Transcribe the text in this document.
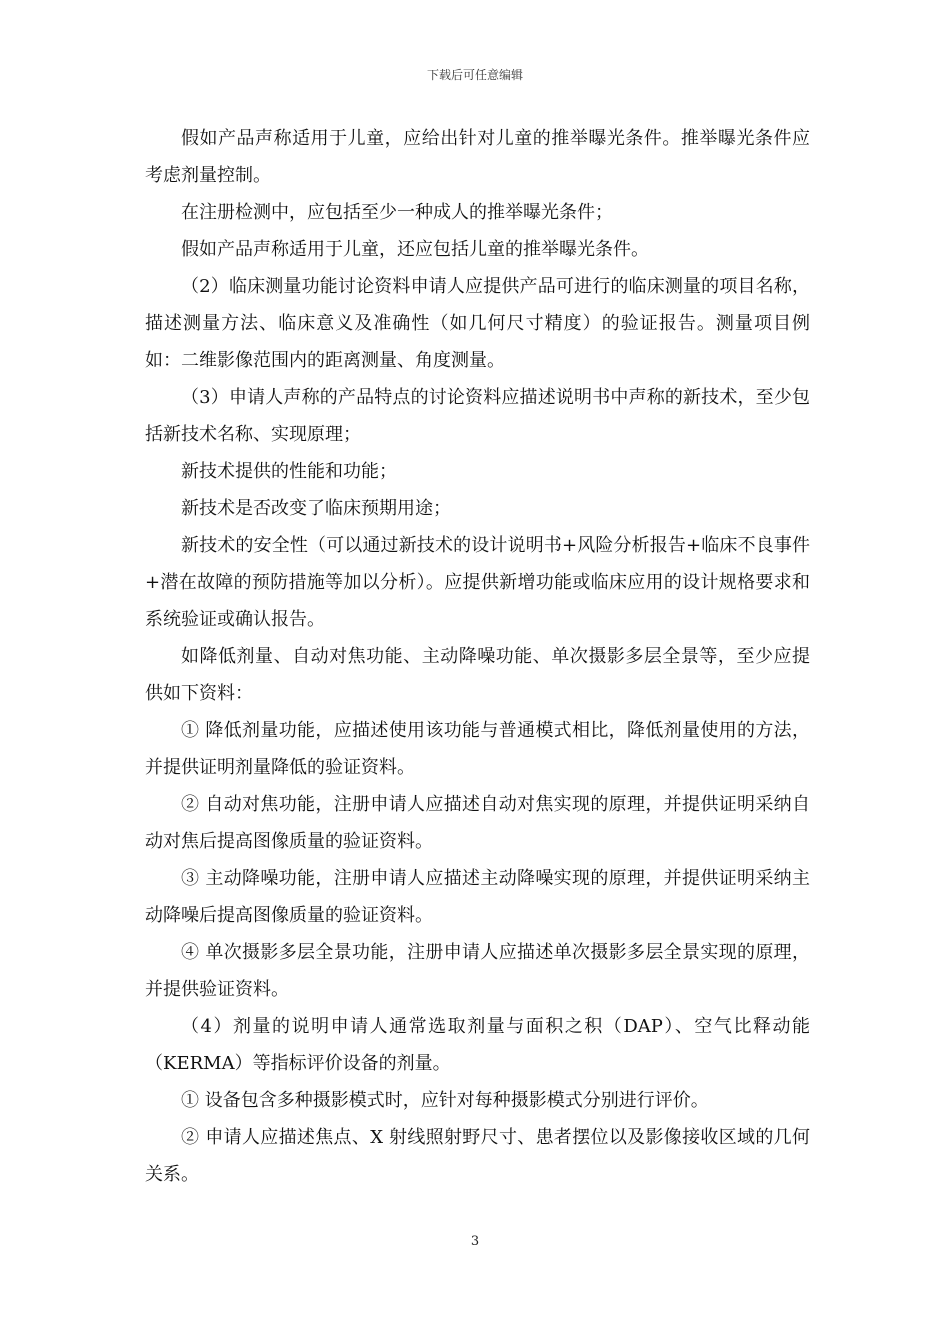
下载后可任意编辑

假如产品声称适用于儿童，应给出针对儿童的推举曝光条件。推举曝光条件应考虑剂量控制。

在注册检测中，应包括至少一种成人的推举曝光条件；

假如产品声称适用于儿童，还应包括儿童的推举曝光条件。

（2）临床测量功能讨论资料申请人应提供产品可进行的临床测量的项目名称，描述测量方法、临床意义及准确性（如几何尺寸精度）的验证报告。测量项目例如：二维影像范围内的距离测量、角度测量。

（3）申请人声称的产品特点的讨论资料应描述说明书中声称的新技术，至少包括新技术名称、实现原理；

新技术提供的性能和功能；

新技术是否改变了临床预期用途；

新技术的安全性（可以通过新技术的设计说明书+风险分析报告+临床不良事件+潜在故障的预防措施等加以分析）。应提供新增功能或临床应用的设计规格要求和系统验证或确认报告。

如降低剂量、自动对焦功能、主动降噪功能、单次摄影多层全景等，至少应提供如下资料：

① 降低剂量功能，应描述使用该功能与普通模式相比，降低剂量使用的方法，并提供证明剂量降低的验证资料。

② 自动对焦功能，注册申请人应描述自动对焦实现的原理，并提供证明采纳自动对焦后提高图像质量的验证资料。

③ 主动降噪功能，注册申请人应描述主动降噪实现的原理，并提供证明采纳主动降噪后提高图像质量的验证资料。

④ 单次摄影多层全景功能，注册申请人应描述单次摄影多层全景实现的原理，并提供验证资料。

（4）剂量的说明申请人通常选取剂量与面积之积（DAP）、空气比释动能（KERMA）等指标评价设备的剂量。

① 设备包含多种摄影模式时，应针对每种摄影模式分别进行评价。

② 申请人应描述焦点、X 射线照射野尺寸、患者摆位以及影像接收区域的几何关系。

3
